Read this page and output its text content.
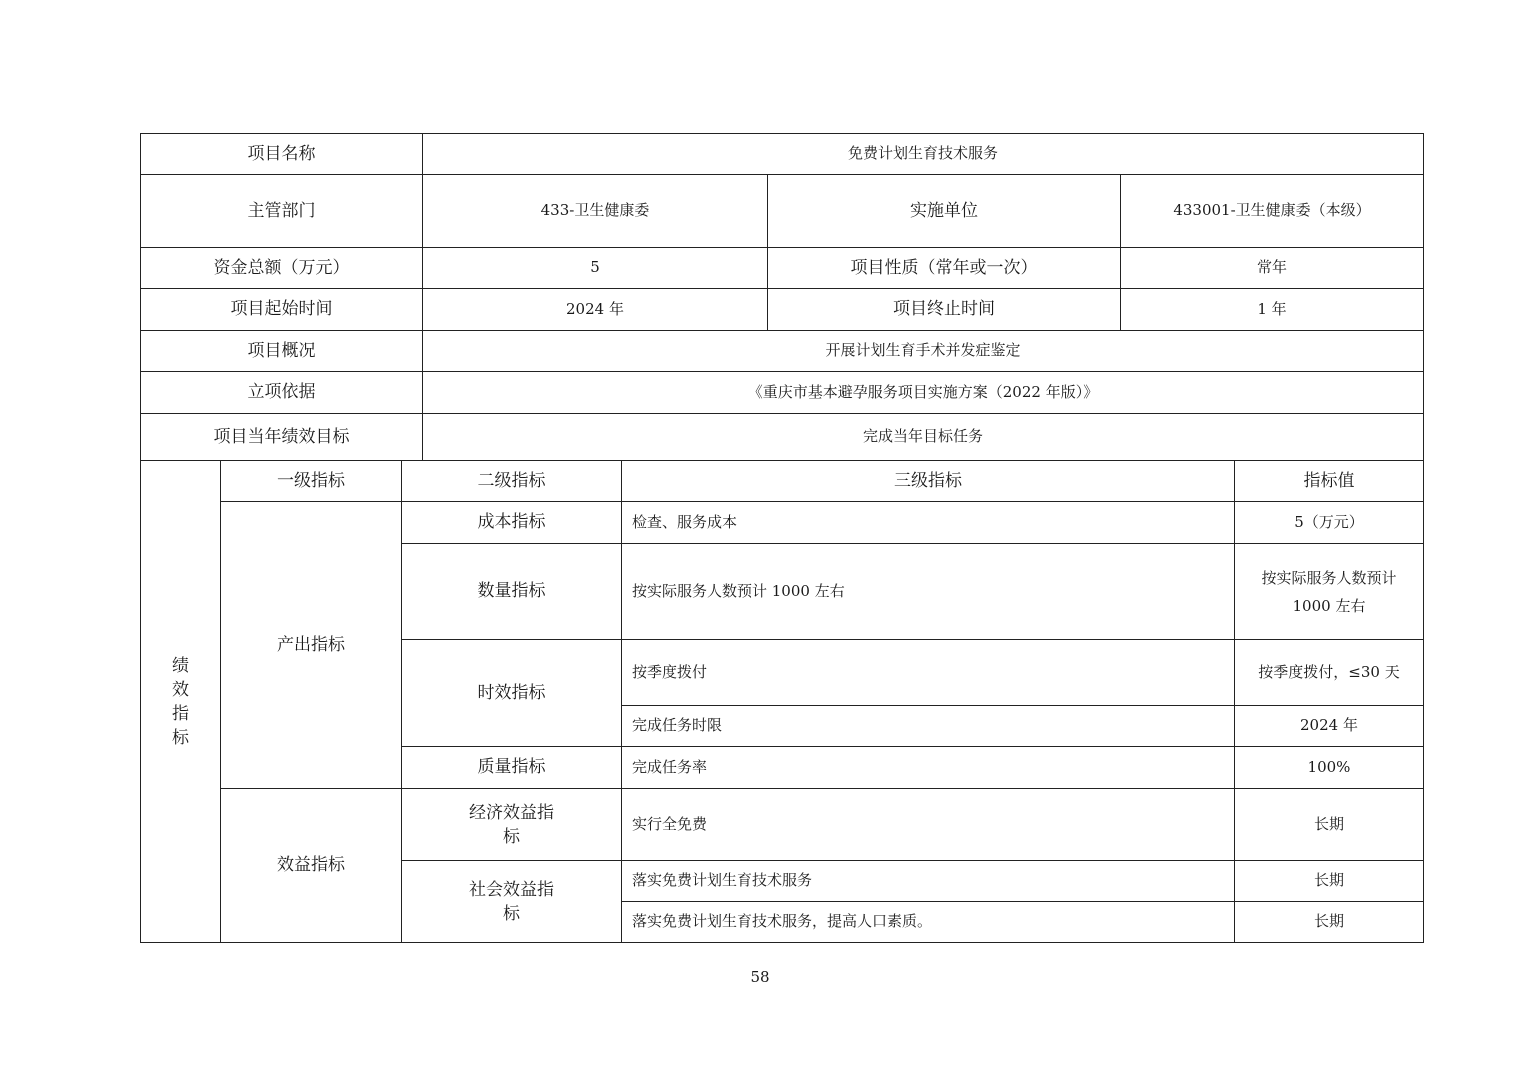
项目名称			免费计划生育技术服务				
主管部门			433-卫生健康委		实施单位	433001-卫生健康委（本级）	
资金总额（万元）			5		项目性质（常年或一次）	常年	
项目起始时间			2024 年		项目终止时间	1 年	
项目概况			开展计划生育手术并发症鉴定				
立项依据			《重庆市基本避孕服务项目实施方案（2022 年版）》				
项目当年绩效目标			完成当年目标任务				

绩效指标	一级指标	二级指标		三级指标			指标值
	产出指标	成本指标		检查、服务成本			5（万元）
		数量指标		按实际服务人数预计 1000 左右			按实际服务人数预计 1000 左右
		时效指标		按季度拨付			按季度拨付，≤30 天
				完成任务时限			2024 年
		质量指标		完成任务率			100%
	效益指标	经济效益指标		实行全免费			长期
		社会效益指标		落实免费计划生育技术服务			长期
				落实免费计划生育技术服务，提高人口素质。			长期
58
